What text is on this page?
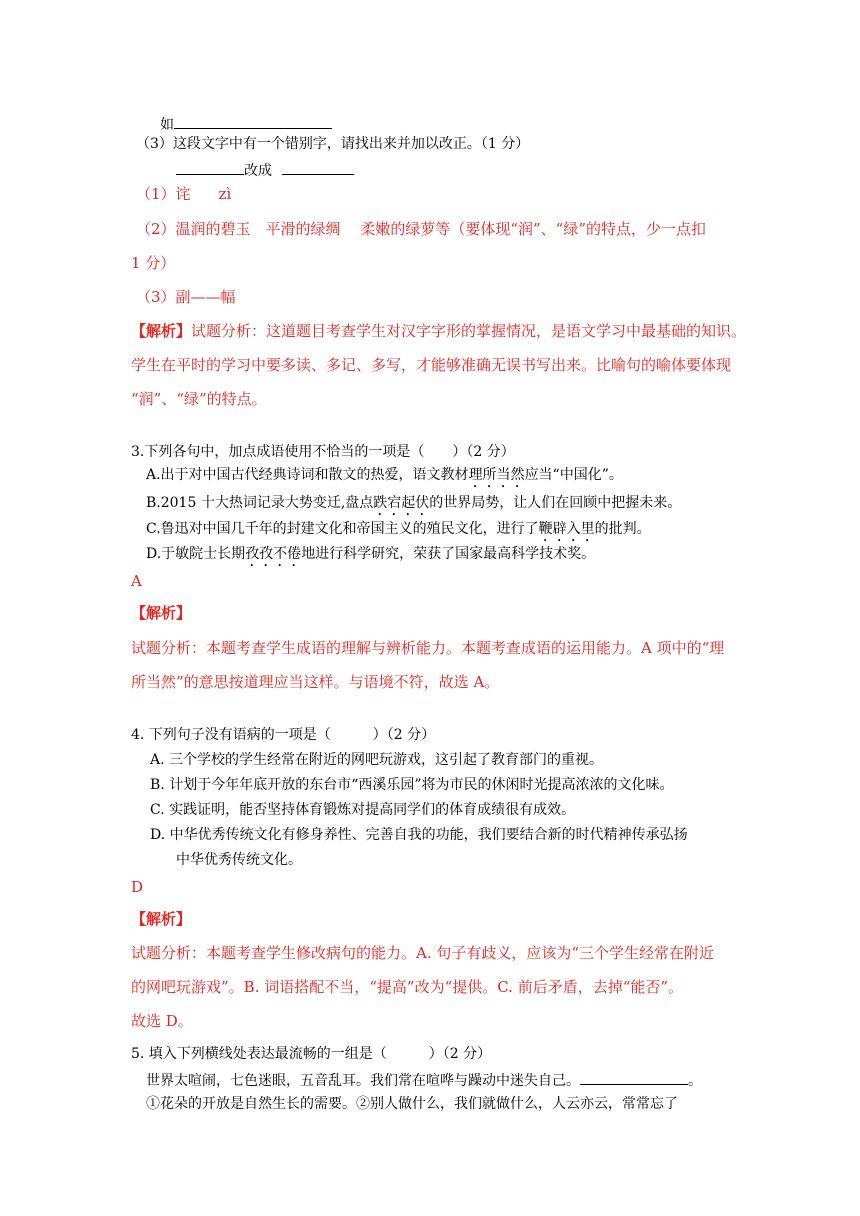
如
（3）这段文字中有一个错别字，请找出来并加以改正。（1 分）
改成
（1）诧 zì
（2）温润的碧玉　平滑的绿绸　 柔嫩的绿萝等（要体现“润”、“绿”的特点，少一点扣
1 分）
（3）副——幅
【解析】试题分析：这道题目考查学生对汉字字形的掌握情况，是语文学习中最基础的知识。
学生在平时的学习中要多读、多记、多写，才能够准确无误书写出来。比喻句的喻体要体现
“润”、“绿”的特点。
3.下列各句中，加点成语使用不恰当的一项是（　　）（2 分）
A.出于对中国古代经典诗词和散文的热爱，语文教材理所当然应当“中国化”。
B.2015 十大热词记录大势变迁,盘点跌宕起伏的世界局势，让人们在回顾中把握未来。
C.鲁迅对中国几千年的封建文化和帝国主义的殖民文化，进行了鞭辟入里的批判。
D.于敏院士长期孜孜不倦地进行科学研究，荣获了国家最高科学技术奖。
A
【解析】
试题分析：本题考查学生成语的理解与辨析能力。本题考查成语的运用能力。A 项中的“理
所当然”的意思按道理应当这样。与语境不符，故选 A。
4. 下列句子没有语病的一项是（　　　）（2 分）
A. 三个学校的学生经常在附近的网吧玩游戏，这引起了教育部门的重视。
B. 计划于今年年底开放的东台市“西溪乐园”将为市民的休闲时光提高浓浓的文化味。
C. 实践证明，能否坚持体育锻炼对提高同学们的体育成绩很有成效。
D. 中华优秀传统文化有修身养性、完善自我的功能，我们要结合新的时代精神传承弘扬
中华优秀传统文化。
D
【解析】
试题分析：本题考查学生修改病句的能力。A. 句子有歧义，应该为“三个学生经常在附近
的网吧玩游戏”。B. 词语搭配不当，“提高”改为“提供。C. 前后矛盾，去掉“能否”。
故选 D。
5. 填入下列横线处表达最流畅的一组是（　　　）（2 分）
世界太喧闹，七色迷眼，五音乱耳。我们常在喧哗与躁动中迷失自己。	。
①花朵的开放是自然生长的需要。②别人做什么，我们就做什么，人云亦云，常常忘了
